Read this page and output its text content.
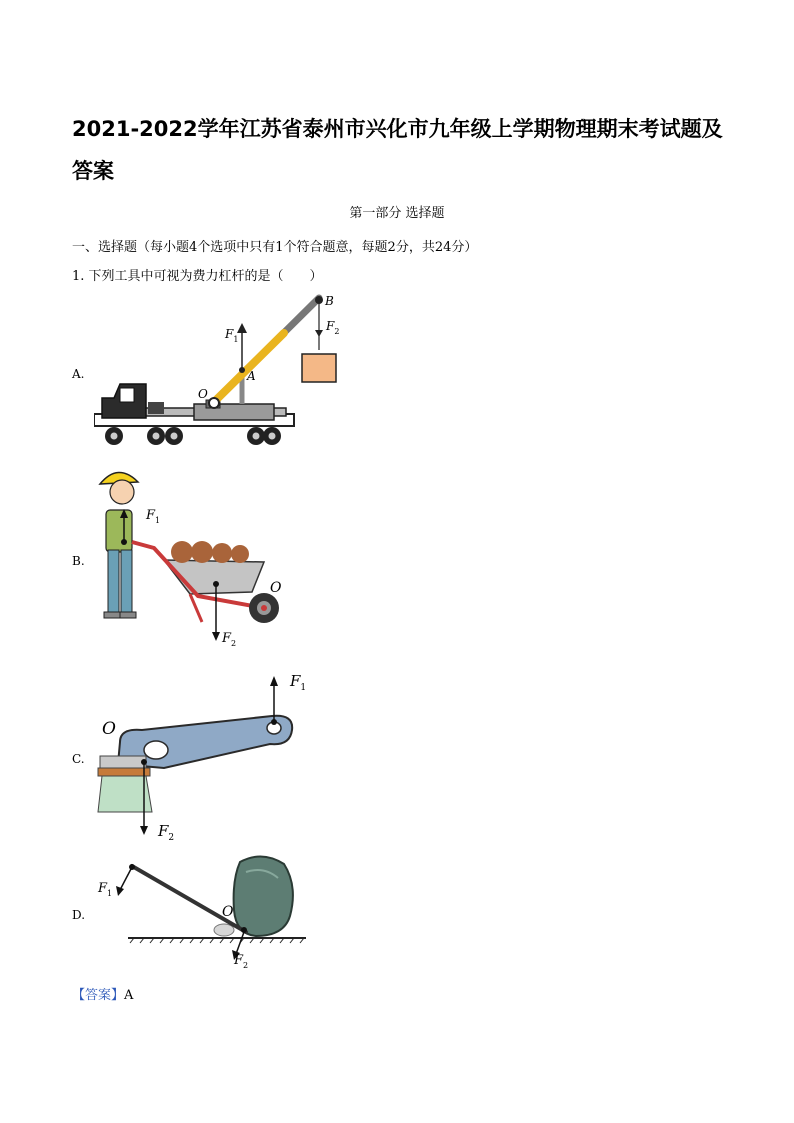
2021-2022学年江苏省泰州市兴化市九年级上学期物理期末考试题及答案
第一部分 选择题
一、选择题（每小题4个选项中只有1个符合题意，每题2分，共24分）
1. 下列工具中可视为费力杠杆的是（　　）
A.
$F_1$
$F_2$
A
B
O
B.
$F_1$
$F_2$
O
C.
$F_1$
$F_2$
O
D.
$F_1$
$F_2$
O
【答案】A
